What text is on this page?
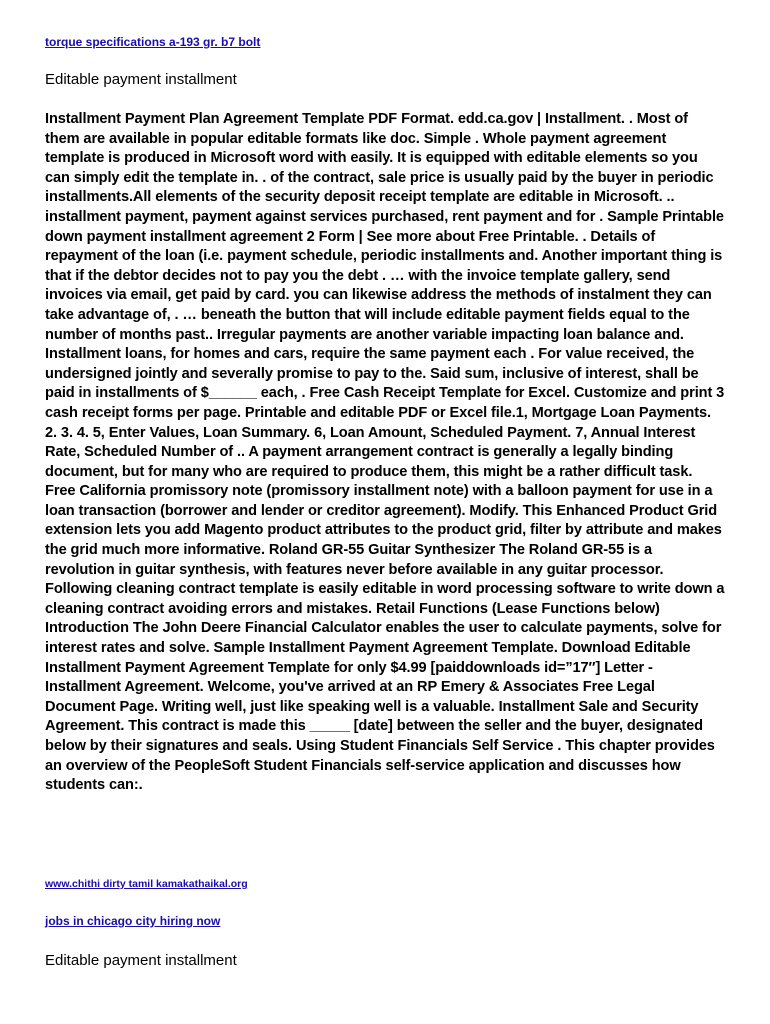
torque specifications a-193 gr. b7 bolt
Editable payment installment

Installment Payment Plan Agreement Template PDF Format. edd.ca.gov | Installment. . Most of them are available in popular editable formats like doc. Simple . Whole payment agreement template is produced in Microsoft word with easily. It is equipped with editable elements so you can simply edit the template in. . of the contract, sale price is usually paid by the buyer in periodic installments.All elements of the security deposit receipt template are editable in Microsoft. .. installment payment, payment against services purchased, rent payment and for . Sample Printable down payment installment agreement 2 Form | See more about Free Printable. . Details of repayment of the loan (i.e. payment schedule, periodic installments and. Another important thing is that if the debtor decides not to pay you the debt . … with the invoice template gallery, send invoices via email, get paid by card. you can likewise address the methods of instalment they can take advantage of, . … beneath the button that will include editable payment fields equal to the number of months past.. Irregular payments are another variable impacting loan balance and. Installment loans, for homes and cars, require the same payment each . For value received, the undersigned jointly and severally promise to pay to the. Said sum, inclusive of interest, shall be paid in installments of $______ each, . Free Cash Receipt Template for Excel. Customize and print 3 cash receipt forms per page. Printable and editable PDF or Excel file.1, Mortgage Loan Payments. 2. 3. 4. 5, Enter Values, Loan Summary. 6, Loan Amount, Scheduled Payment. 7, Annual Interest Rate, Scheduled Number of .. A payment arrangement contract is generally a legally binding document, but for many who are required to produce them, this might be a rather difficult task. Free California promissory note (promissory installment note) with a balloon payment for use in a loan transaction (borrower and lender or creditor agreement). Modify. This Enhanced Product Grid extension lets you add Magento product attributes to the product grid, filter by attribute and makes the grid much more informative. Roland GR-55 Guitar Synthesizer The Roland GR-55 is a revolution in guitar synthesis, with features never before available in any guitar processor. Following cleaning contract template is easily editable in word processing software to write down a cleaning contract avoiding errors and mistakes. Retail Functions (Lease Functions below) Introduction The John Deere Financial Calculator enables the user to calculate payments, solve for interest rates and solve. Sample Installment Payment Agreement Template. Download Editable Installment Payment Agreement Template for only $4.99 [paiddownloads id=”17″] Letter - Installment Agreement. Welcome, you've arrived at an RP Emery & Associates Free Legal Document Page. Writing well, just like speaking well is a valuable. Installment Sale and Security Agreement. This contract is made this _____ [date] between the seller and the buyer, designated below by their signatures and seals. Using Student Financials Self Service . This chapter provides an overview of the PeopleSoft Student Financials self-service application and discusses how students can:.

www.chithi dirty tamil kamakathaikal.org
jobs in chicago city hiring now
Editable payment installment
